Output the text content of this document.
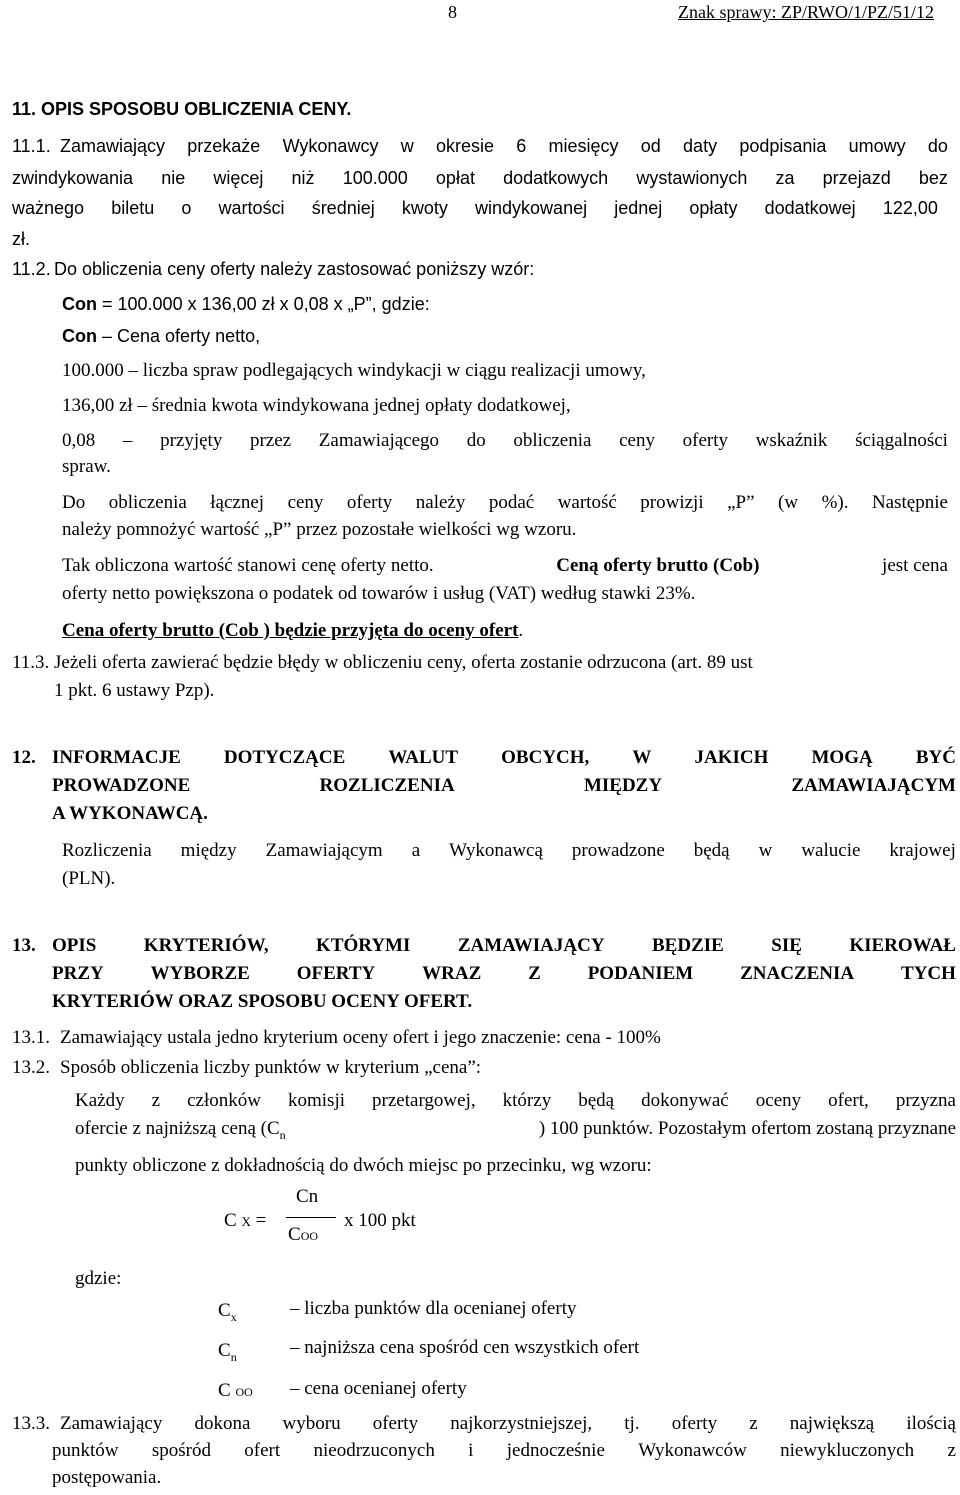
8	Znak sprawy: ZP/RWO/1/PZ/51/12
11. OPIS SPOSOBU OBLICZENIA CENY.
11.1. Zamawiający przekaże Wykonawcy w okresie 6 miesięcy od daty podpisania umowy do
zwindykowania nie więcej niż 100.000 opłat dodatkowych wystawionych za przejazd bez
ważnego biletu o wartości średniej kwoty windykowanej jednej opłaty dodatkowej 122,00
zł.
11.2. Do obliczenia ceny oferty należy zastosować poniższy wzór:
Con = 100.000 x 136,00 zł x 0,08 x „P”, gdzie:
Con – Cena oferty netto,
100.000 – liczba spraw podlegających windykacji w ciągu realizacji umowy,
136,00 zł – średnia kwota windykowana jednej opłaty dodatkowej,
0,08 – przyjęty przez Zamawiającego do obliczenia ceny oferty wskaźnik ściągalności
spraw.
Do obliczenia łącznej ceny oferty należy podać wartość prowizji „P” (w %). Następnie
należy pomnożyć wartość „P” przez pozostałe wielkości wg wzoru.
Tak obliczona wartość stanowi cenę oferty netto.	Ceną oferty brutto (Cob)	jest cena
oferty netto powiększona o podatek od towarów i usług (VAT) według stawki 23%.
Cena oferty brutto (Cob ) będzie przyjęta do oceny ofert.
11.3. Jeżeli oferta zawierać będzie błędy w obliczeniu ceny, oferta zostanie odrzucona (art. 89 ust
1 pkt. 6 ustawy Pzp).
12. INFORMACJE DOTYCZĄCE WALUT OBCYCH, W JAKICH MOGĄ BYĆ
PROWADZONE	ROZLICZENIA	MIĘDZY	ZAMAWIAJĄCYM
A WYKONAWCĄ.
Rozliczenia między Zamawiającym a Wykonawcą prowadzone będą w walucie krajowej
(PLN).
13. OPIS KRYTERIÓW, KTÓRYMI ZAMAWIAJĄCY BĘDZIE SIĘ KIEROWAŁ
PRZY WYBORZE OFERTY WRAZ Z PODANIEM ZNACZENIA TYCH
KRYTERIÓW ORAZ SPOSOBU OCENY OFERT.
13.1. Zamawiający ustala jedno kryterium oceny ofert i jego znaczenie: cena - 100%
13.2. Sposób obliczenia liczby punktów w kryterium „cena”:
Każdy z członków komisji przetargowej, którzy będą dokonywać oceny ofert, przyzna
ofercie z najniższą ceną ($C_n$	) 100 punktów. Pozostałym ofertom zostaną przyznane
punkty obliczone z dokładnością do dwóch miejsc po przecinku, wg wzoru:
C X =
Cn
COO
x 100 pkt
gdzie:
$C_x$	– liczba punktów dla ocenianej oferty
$C_n$	– najniższa cena spośród cen wszystkich ofert
C OO – cena ocenianej oferty
13.3. Zamawiający dokona wyboru oferty najkorzystniejszej, tj. oferty z największą ilością
punktów spośród ofert nieodrzuconych i jednocześnie Wykonawców niewykluczonych z
postępowania.
